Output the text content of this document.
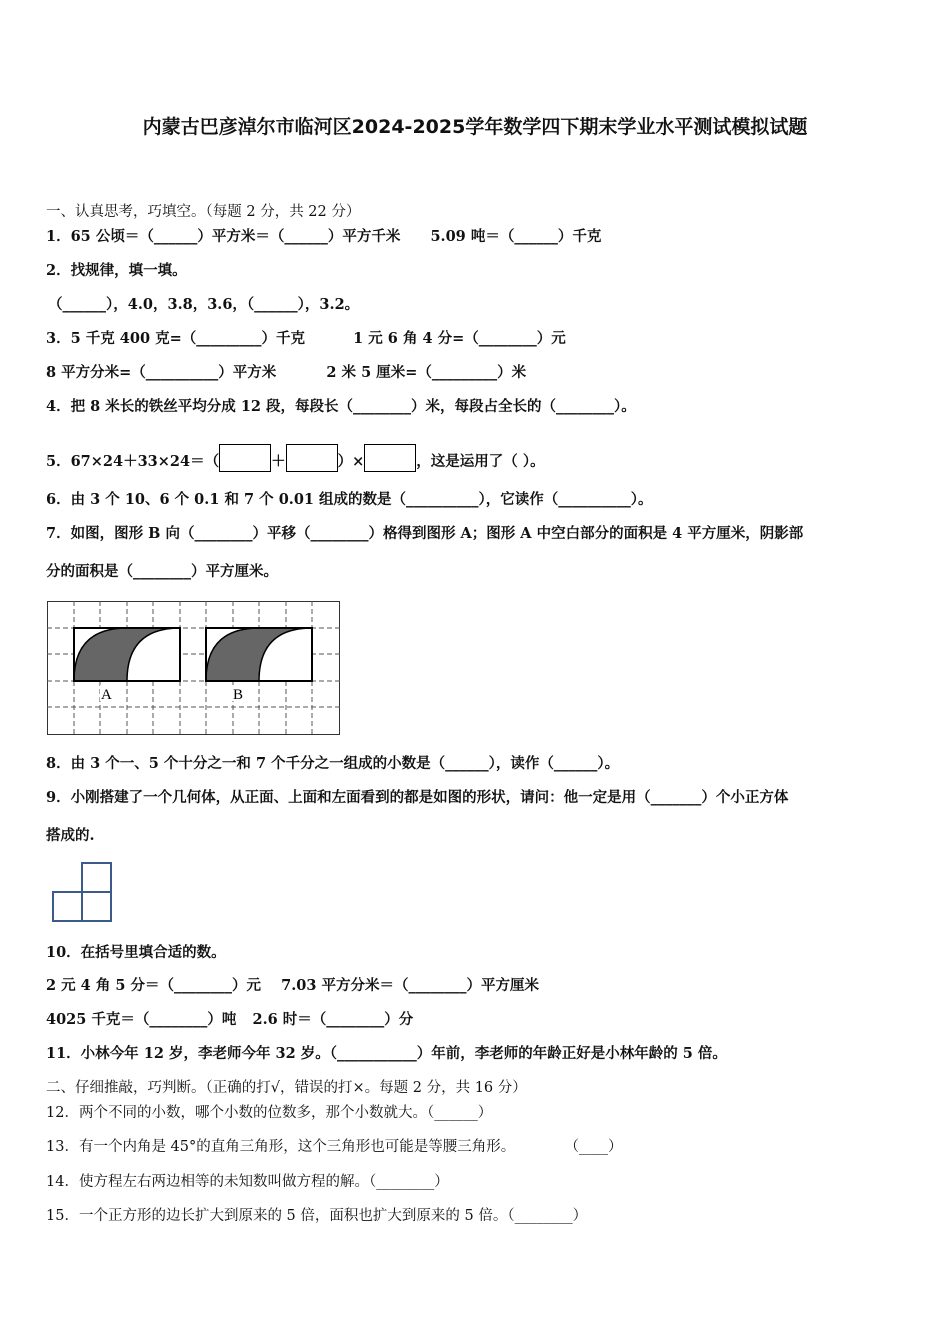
内蒙古巴彦淖尔市临河区2024-2025学年数学四下期末学业水平测试模拟试题
一、认真思考，巧填空。（每题 2 分，共 22 分）
1．65 公顷＝（______）平方米＝（______）平方千米 5.09 吨＝（______）千克
2．找规律，填一填。
（______），4.0，3.8，3.6，（______），3.2。
3．5 千克 400 克=（_________）千克	1 元 6 角 4 分=（________）元
8 平方分米=（__________）平方米	2 米 5 厘米=（_________）米
4．把 8 米长的铁丝平均分成 12 段，每段长（________）米，每段占全长的（________）。
5．67×24＋33×24＝（	＋	）×	，这是运用了（ ）。
6．由 3 个 10、6 个 0.1 和 7 个 0.01 组成的数是（__________），它读作（__________）。
7．如图，图形 B 向（________）平移（________）格得到图形 A；图形 A 中空白部分的面积是 4 平方厘米，阴影部
分的面积是（________）平方厘米。
A	B
8．由 3 个一、5 个十分之一和 7 个千分之一组成的小数是（______），读作（______）。
9．小刚搭建了一个几何体，从正面、上面和左面看到的都是如图的形状，请问：他一定是用（_______）个小正方体
搭成的.
10．在括号里填合适的数。
2 元 4 角 5 分＝（________）元 7.03 平方分米＝（________）平方厘米
4025 千克＝（________）吨 2.6 时＝（________）分
11．小林今年 12 岁，李老师今年 32 岁。（___________）年前，李老师的年龄正好是小林年龄的 5 倍。
二、仔细推敲，巧判断。（正确的打√，错误的打×。每题 2 分，共 16 分）
12．两个不同的小数，哪个小数的位数多，那个小数就大。（______）
13．有一个内角是 45°的直角三角形，这个三角形也可能是等腰三角形。	（____）
14．使方程左右两边相等的未知数叫做方程的解。（________）
15．一个正方形的边长扩大到原来的 5 倍，面积也扩大到原来的 5 倍。（________）
